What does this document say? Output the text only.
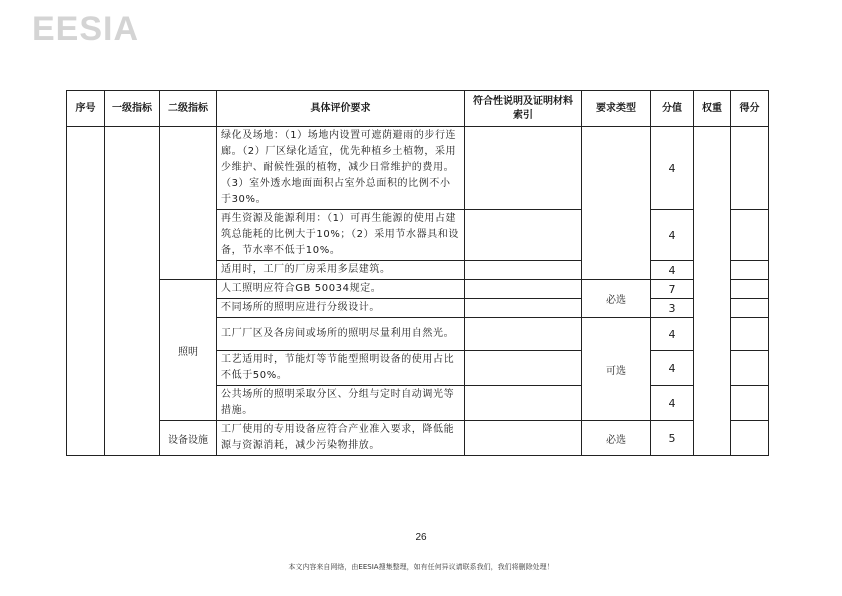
EESIA
序号	一级指标	二级指标	具体评价要求	符合性说明及证明材料索引	要求类型	分值	权重	得分
			绿化及场地：（1）场地内设置可遮荫避雨的步行连廊。（2）厂区绿化适宜，优先种植乡土植物，采用少维护、耐候性强的植物，减少日常维护的费用。（3）室外透水地面面积占室外总面积的比例不小于30%。			4		
			再生资源及能源利用：（1）可再生能源的使用占建筑总能耗的比例大于10%；（2）采用节水器具和设备，节水率不低于10%。			4		
			适用时，工厂的厂房采用多层建筑。			4		
		照明	人工照明应符合GB 50034规定。		必选	7		
			不同场所的照明应进行分级设计。			3		
			工厂厂区及各房间或场所的照明尽量利用自然光。		可选	4		
			工艺适用时，节能灯等节能型照明设备的使用占比不低于50%。			4		
			公共场所的照明采取分区、分组与定时自动调光等措施。			4		
		设备设施	工厂使用的专用设备应符合产业准入要求，降低能源与资源消耗，减少污染物排放。		必选	5		
26
本文内容来自网络，由EESIA搜集整理，如有任何异议请联系我们，我们将删除处理！
